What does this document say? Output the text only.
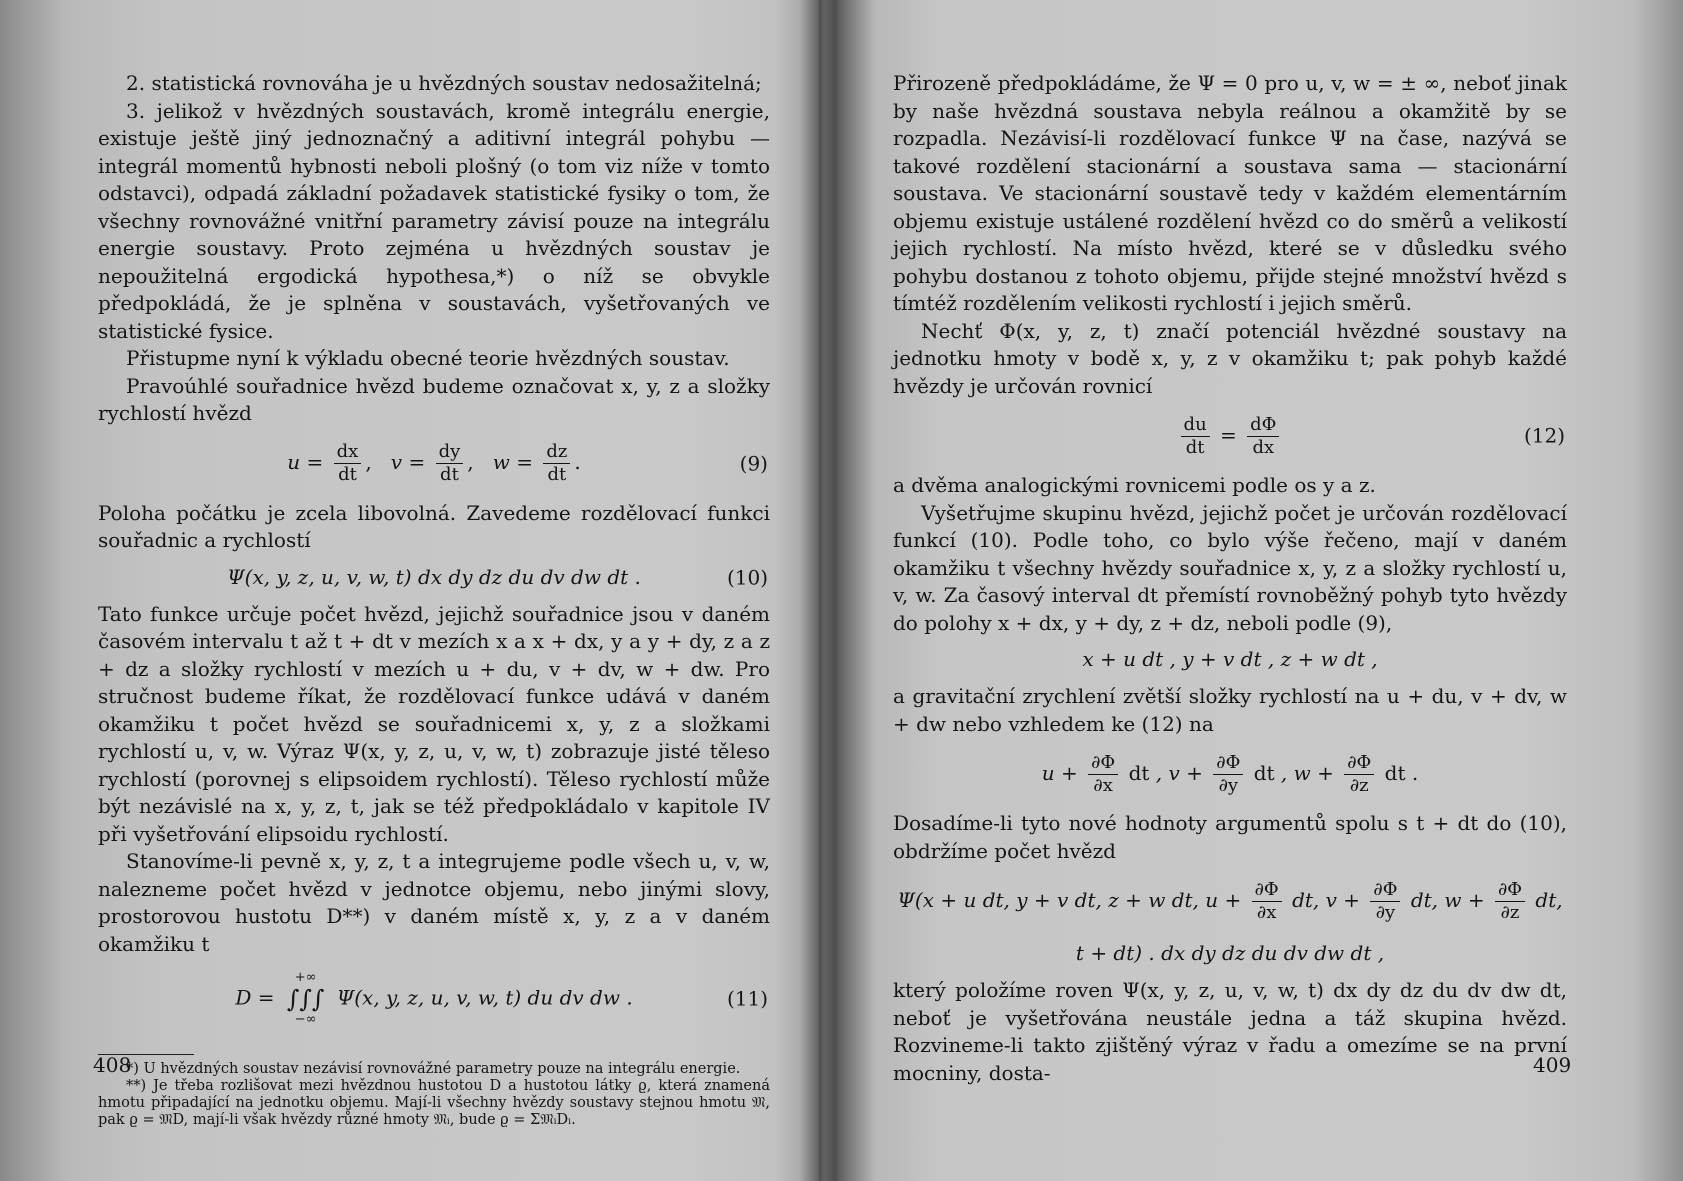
2. statistická rovnováha je u hvězdných soustav nedosažitelná;

3. jelikož v hvězdných soustavách, kromě integrálu energie, existuje ještě jiný jednoznačný a aditivní integrál pohybu — integrál momentů hybnosti neboli plošný (o tom viz níže v tomto odstavci), odpadá základní požadavek statistické fysiky o tom, že všechny rovnovážné vnitřní parametry závisí pouze na integrálu energie soustavy. Proto zejména u hvězdných soustav je nepoužitelná ergodická hypothesa,*) o níž se obvykle předpokládá, že je splněna v soustavách, vyšetřovaných ve statistické fysice.

Přistupme nyní k výkladu obecné teorie hvězdných soustav.

Pravoúhlé souřadnice hvězd budeme označovat x, y, z a složky rychlostí hvězd

$u = \frac{dx}{dt}$ , $v = \frac{dy}{dt}$ , $w = \frac{dz}{dt}$ .	(9)

Poloha počátku je zcela libovolná. Zavedeme rozdělovací funkci souřadnic a rychlostí

Ψ(x, y, z, u, v, w, t) dx dy dz du dv dw dt .	(10)

Tato funkce určuje počet hvězd, jejichž souřadnice jsou v daném časovém intervalu t až t + dt v mezích x a x + dx, y a y + dy, z a z + dz a složky rychlostí v mezích u + du, v + dv, w + dw. Pro stručnost budeme říkat, že rozdělovací funkce udává v daném okamžiku t počet hvězd se souřadnicemi x, y, z a složkami rychlostí u, v, w. Výraz Ψ(x, y, z, u, v, w, t) zobrazuje jisté těleso rychlostí (porovnej s elipsoidem rychlostí). Těleso rychlostí může být nezávislé na x, y, z, t, jak se též předpokládalo v kapitole IV při vyšetřování elipsoidu rychlostí.

Stanovíme-li pevně x, y, z, t a integrujeme podle všech u, v, w, nalezneme počet hvězd v jednotce objemu, nebo jinými slovy, prostorovou hustotu D**) v daném místě x, y, z a v daném okamžiku t

D =
+∞
∫∫∫
−∞
Ψ(x, y, z, u, v, w, t) du dv dw .	(11)

*) U hvězdných soustav nezávisí rovnovážné parametry pouze na integrálu energie.

**) Je třeba rozlišovat mezi hvězdnou hustotou D a hustotou látky ϱ, která znamená hmotu připadající na jednotku objemu. Mají-li všechny hvězdy soustavy stejnou hmotu 𝔐, pak ϱ = 𝔐D, mají-li však hvězdy různé hmoty 𝔐ᵢ, bude ϱ = Σ𝔐ᵢDᵢ.

408

Přirozeně předpokládáme, že Ψ = 0 pro u, v, w = ± ∞, neboť jinak by naše hvězdná soustava nebyla reálnou a okamžitě by se rozpadla. Nezávisí-li rozdělovací funkce Ψ na čase, nazývá se takové rozdělení stacionární a soustava sama — stacionární soustava. Ve stacionární soustavě tedy v každém elementárním objemu existuje ustálené rozdělení hvězd co do směrů a velikostí jejich rychlostí. Na místo hvězd, které se v důsledku svého pohybu dostanou z tohoto objemu, přijde stejné množství hvězd s tímtéž rozdělením velikosti rychlostí i jejich směrů.

Nechť Φ(x, y, z, t) značí potenciál hvězdné soustavy na jednotku hmoty v bodě x, y, z v okamžiku t; pak pohyb každé hvězdy je určován rovnicí

$\frac{du}{dt} = \frac{d\Phi}{dx}$	(12)

a dvěma analogickými rovnicemi podle os y a z.

Vyšetřujme skupinu hvězd, jejichž počet je určován rozdělovací funkcí (10). Podle toho, co bylo výše řečeno, mají v daném okamžiku t všechny hvězdy souřadnice x, y, z a složky rychlostí u, v, w. Za časový interval dt přemístí rovnoběžný pohyb tyto hvězdy do polohy x + dx, y + dy, z + dz, neboli podle (9),

x + u dt , y + v dt , z + w dt ,

a gravitační zrychlení zvětší složky rychlostí na u + du, v + dv, w + dw nebo vzhledem ke (12) na

$u + \frac{\partial\Phi}{\partial x}$ dt , $v + \frac{\partial\Phi}{\partial y}$ dt , $w + \frac{\partial\Phi}{\partial z}$ dt .

Dosadíme-li tyto nové hodnoty argumentů spolu s t + dt do (10), obdržíme počet hvězd

Ψ(x + u dt, y + v dt, z + w dt, $u + \frac{\partial\Phi}{\partial x}$ dt, $v + \frac{\partial\Phi}{\partial y}$ dt, $w + \frac{\partial\Phi}{\partial z}$ dt,
t + dt) . dx dy dz du dv dw dt ,

který položíme roven Ψ(x, y, z, u, v, w, t) dx dy dz du dv dw dt, neboť je vyšetřována neustále jedna a táž skupina hvězd. Rozvineme-li takto zjištěný výraz v řadu a omezíme se na první mocniny, dosta-	409
